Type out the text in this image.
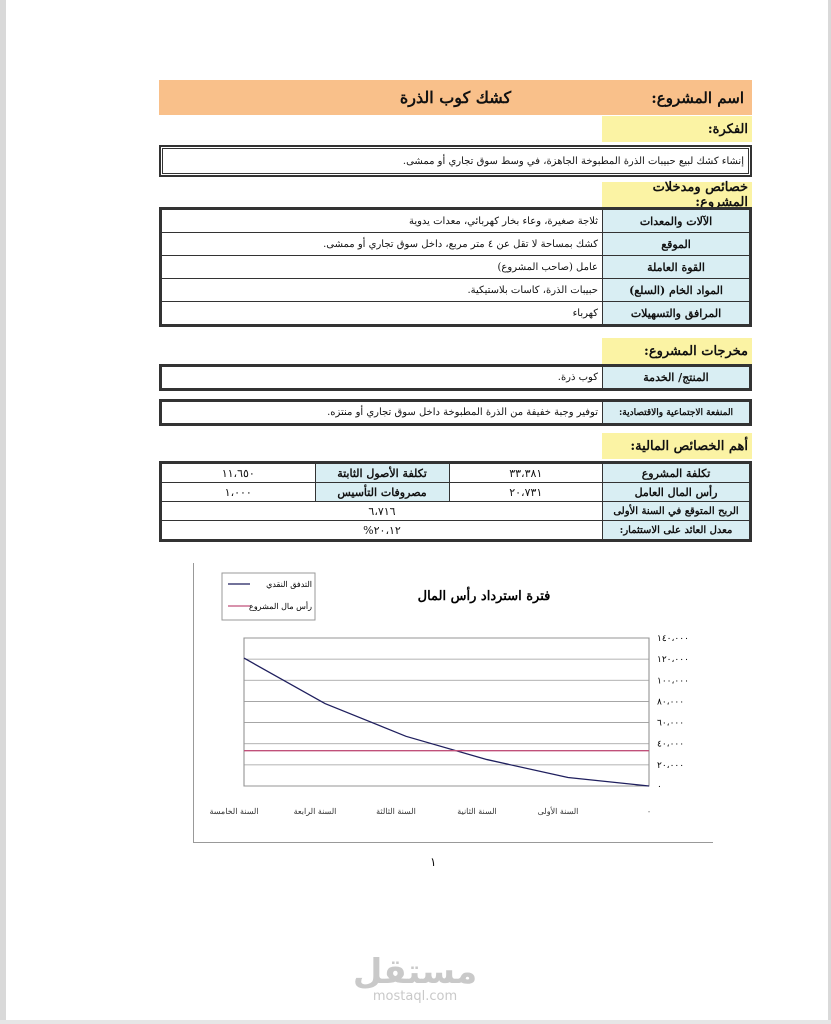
اسم المشروع:
كشك كوب الذرة
الفكرة:
إنشاء كشك لبيع حبيبات الذرة المطبوخة الجاهزة، في وسط سوق تجاري أو ممشى.
خصائص ومدخلات المشروع:
الآلات والمعدات	ثلاجة صغيرة، وعاء بخار كهربائي، معدات يدوية
الموقع	كشك بمساحة لا تقل عن ٤ متر مربع، داخل سوق تجاري أو ممشى.
القوة العاملة	عامل (صاحب المشروع)
المواد الخام (السلع)	حبيبات الذرة، كاسات بلاستيكية.
المرافق والتسهيلات	كهرباء
مخرجات المشروع:
المنتج/ الخدمة	كوب ذرة.
المنفعة الاجتماعية والاقتصادية:	توفير وجبة خفيفة من الذرة المطبوخة داخل سوق تجاري أو منتزه.
أهم الخصائص المالية:
تكلفة المشروع	٣٣،٣٨١	تكلفة الأصول الثابتة	١١،٦٥٠
رأس المال العامل	٢٠،٧٣١	مصروفات التأسيس	١،٠٠٠
الربح المتوقع في السنة الأولى	٦،٧١٦		
معدل العائد على الاستثمار:	٢٠،١٢%		
فترة استرداد رأس المال
التدفق النقدي
رأس مال المشروع
٠
٢٠،٠٠٠
٤٠،٠٠٠
٦٠،٠٠٠
٨٠،٠٠٠
١٠٠،٠٠٠
١٢٠،٠٠٠
١٤٠،٠٠٠
٠
السنة الأولى
السنة الثانية
السنة الثالثة
السنة الرابعة
السنة الخامسة
١
مستقل
mostaql.com
